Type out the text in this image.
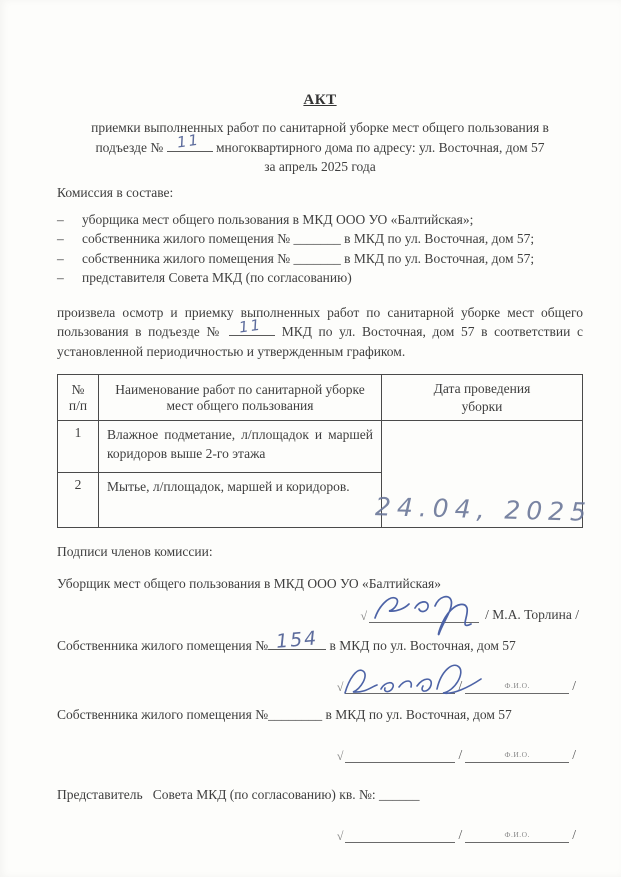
АКТ

приемки выполненных работ по санитарной уборке мест общего пользования в
подъезде № 11 многоквартирного дома по адресу: ул. Восточная, дом 57
за апрель 2025 года

Комиссия в составе:

–	уборщика мест общего пользования в МКД ООО УО «Балтийская»;
–	собственника жилого помещения № _______ в МКД по ул. Восточная, дом 57;
–	собственника жилого помещения № _______ в МКД по ул. Восточная, дом 57;
–	представителя Совета МКД (по согласованию)

произвела осмотр и приемку выполненных работ по санитарной уборке мест общего пользования в подъезде № 11 МКД по ул. Восточная, дом 57 в соответствии с установленной периодичностью и утвержденным графиком.

№ п/п	Наименование работ по санитарной уборке мест общего пользования	Дата проведения уборки

1	Влажное подметание, л/площадок и маршей коридоров выше 2-го этажа	24.04, 2025

2	Мытье, л/площадок, маршей и коридоров.	

Подписи членов комиссии:

Уборщик мест общего пользования в МКД ООО УО «Балтийская»

√	/ М.А. Торлина /

Собственника жилого помещения № 154 в МКД по ул. Восточная, дом 57

√	/	Ф.И.О.	/

Собственника жилого помещения №________ в МКД по ул. Восточная, дом 57

√	/	Ф.И.О.	/

Представитель   Совета МКД (по согласованию) кв. №: ______

√	/	Ф.И.О.	/
